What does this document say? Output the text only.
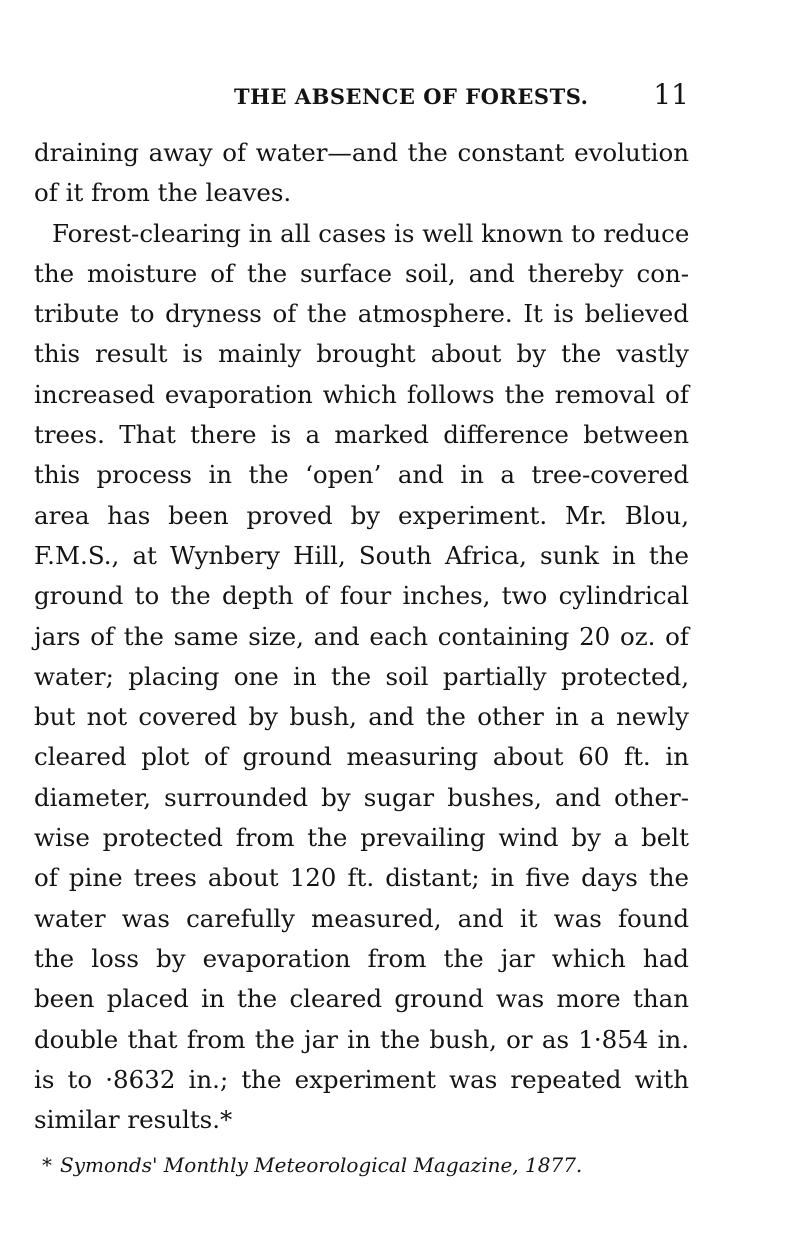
THE ABSENCE OF FORESTS. 11
draining away of water—and the constant evolution
of it from the leaves.
Forest-clearing in all cases is well known to reduce
the moisture of the surface soil, and thereby con-
tribute to dryness of the atmosphere. It is believed
this result is mainly brought about by the vastly
increased evaporation which follows the removal of
trees. That there is a marked difference between
this process in the ‘open’ and in a tree-covered
area has been proved by experiment. Mr. Blou,
F.M.S., at Wynbery Hill, South Africa, sunk in the
ground to the depth of four inches, two cylindrical
jars of the same size, and each containing 20 oz. of
water; placing one in the soil partially protected,
but not covered by bush, and the other in a newly
cleared plot of ground measuring about 60 ft. in
diameter, surrounded by sugar bushes, and other-
wise protected from the prevailing wind by a belt
of pine trees about 120 ft. distant; in five days the
water was carefully measured, and it was found
the loss by evaporation from the jar which had
been placed in the cleared ground was more than
double that from the jar in the bush, or as 1·854 in.
is to ·8632 in.; the experiment was repeated with
similar results.*
* Symonds' Monthly Meteorological Magazine, 1877.
